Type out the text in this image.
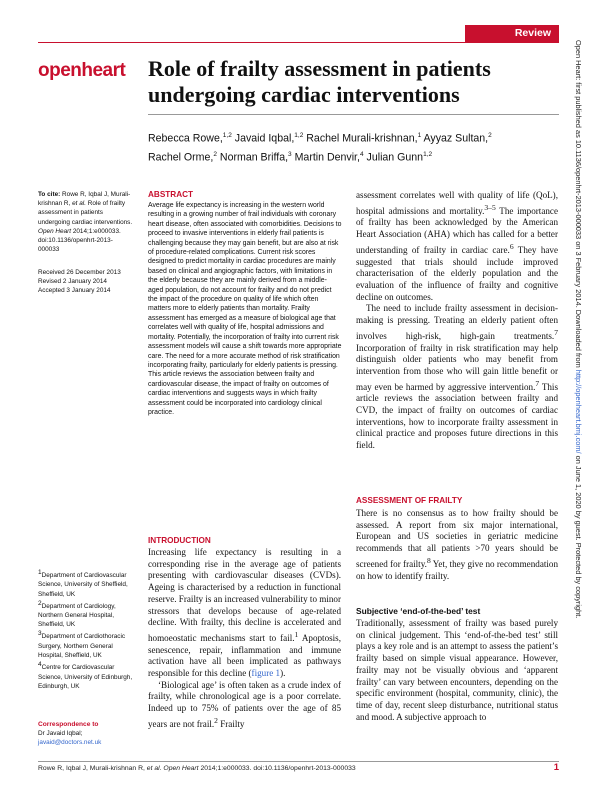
Review
openheart Role of frailty assessment in patients undergoing cardiac interventions
Rebecca Rowe,$^{1,2}$ Javaid Iqbal,$^{1,2}$ Rachel Murali-krishnan,$^1$ Ayyaz Sultan,$^2$
Rachel Orme,$^2$ Norman Briffa,$^3$ Martin Denvir,$^4$ Julian Gunn$^{1,2}$
To cite: Rowe R, Iqbal J, Murali-krishnan R, et al. Role of frailty assessment in patients undergoing cardiac interventions. Open Heart 2014;1:e000033. doi:10.1136/openhrt-2013-000033
Received 26 December 2013
Revised 2 January 2014
Accepted 3 January 2014
$^1$Department of Cardiovascular Science, University of Sheffield, Sheffield, UK
$^2$Department of Cardiology, Northern General Hospital, Sheffield, UK
$^3$Department of Cardiothoracic Surgery, Northern General Hospital, Sheffield, UK
$^4$Centre for Cardiovascular Science, University of Edinburgh, Edinburgh, UK
Correspondence to
Dr Javaid Iqbal;
javaid@doctors.net.uk
ABSTRACT
Average life expectancy is increasing in the western world resulting in a growing number of frail individuals with coronary heart disease, often associated with comorbidities. Decisions to proceed to invasive interventions in elderly frail patients is challenging because they may gain benefit, but are also at risk of procedure-related complications. Current risk scores designed to predict mortality in cardiac procedures are mainly based on clinical and angiographic factors, with limitations in the elderly because they are mainly derived from a middle-aged population, do not account for frailty and do not predict the impact of the procedure on quality of life which often matters more to elderly patients than mortality. Frailty assessment has emerged as a measure of biological age that correlates well with quality of life, hospital admissions and mortality. Potentially, the incorporation of frailty into current risk assessment models will cause a shift towards more appropriate care. The need for a more accurate method of risk stratification incorporating frailty, particularly for elderly patients is pressing. This article reviews the association between frailty and cardiovascular disease, the impact of frailty on outcomes of cardiac interventions and suggests ways in which frailty assessment could be incorporated into cardiology clinical practice.
INTRODUCTION

Increasing life expectancy is resulting in a corresponding rise in the average age of patients presenting with cardiovascular diseases (CVDs). Ageing is characterised by a reduction in functional reserve. Frailty is an increased vulnerability to minor stressors that develops because of age-related decline. With frailty, this decline is accelerated and homoeostatic mechanisms start to fail.$^1$ Apoptosis, senescence, repair, inflammation and immune activation have all been implicated as pathways responsible for this decline (figure 1).

‘Biological age’ is often taken as a crude index of frailty, while chronological age is a poor correlate. Indeed up to 75% of patients over the age of 85 years are not frail.$^2$ Frailty

assessment correlates well with quality of life (QoL), hospital admissions and mortality.$^{3-5}$ The importance of frailty has been acknowledged by the American Heart Association (AHA) which has called for a better understanding of frailty in cardiac care.$^6$ They have suggested that trials should include improved characterisation of the elderly population and the evaluation of the influence of frailty and cognitive decline on outcomes.

The need to include frailty assessment in decision-making is pressing. Treating an elderly patient often involves high-risk, high-gain treatments.$^7$ Incorporation of frailty in risk stratification may help distinguish older patients who may benefit from intervention from those who will gain little benefit or may even be harmed by aggressive intervention.$^7$ This article reviews the association between frailty and CVD, the impact of frailty on outcomes of cardiac interventions, how to incorporate frailty assessment in clinical practice and proposes future directions in this field.

ASSESSMENT OF FRAILTY

There is no consensus as to how frailty should be assessed. A report from six major international, European and US societies in geriatric medicine recommends that all patients >70 years should be screened for frailty.$^8$ Yet, they give no recommendation on how to identify frailty.

Subjective ‘end-of-the-bed’ test

Traditionally, assessment of frailty was based purely on clinical judgement. This ‘end-of-the-bed test’ still plays a key role and is an attempt to assess the patient’s frailty based on simple visual appearance. However, frailty may not be visually obvious and ‘apparent frailty’ can vary between encounters, depending on the specific environment (hospital, community, clinic), the time of day, recent sleep disturbance, nutritional status and mood. A subjective approach to

Open Heart: first published as 10.1136/openhrt-2013-000033 on 3 February 2014. Downloaded from http://openheart.bmj.com/ on June 1, 2020 by guest. Protected by copyright.
Rowe R, Iqbal J, Murali-krishnan R, et al. Open Heart 2014;1:e000033. doi:10.1136/openhrt-2013-000033	1
